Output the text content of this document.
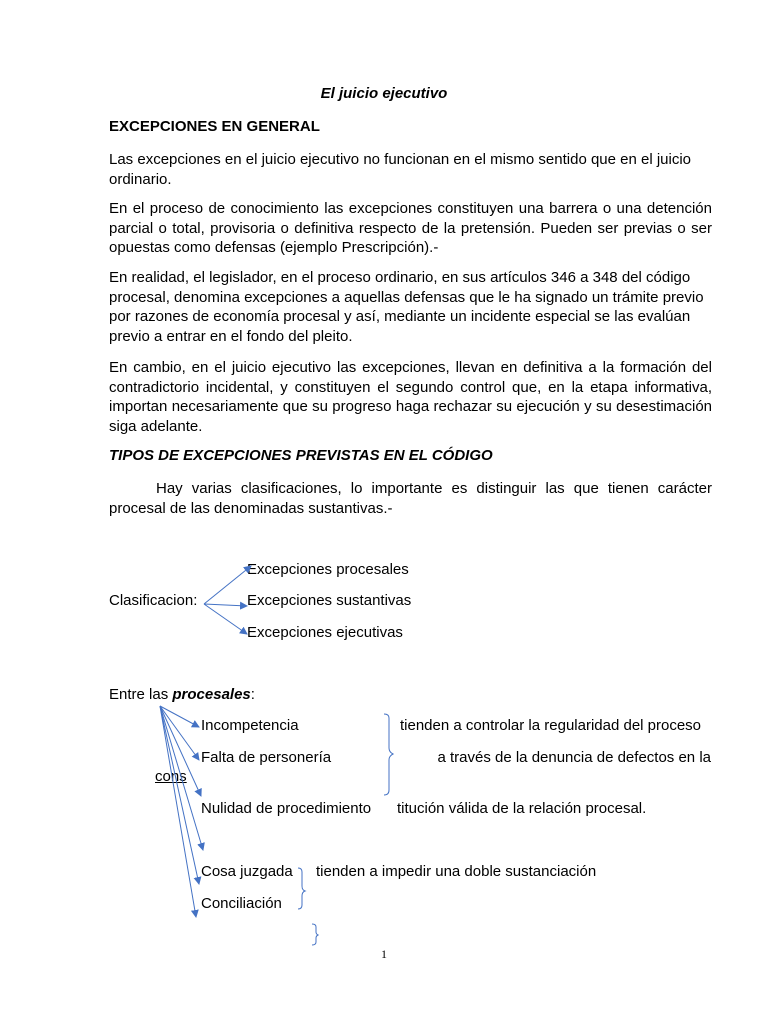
El juicio ejecutivo
EXCEPCIONES EN GENERAL
Las excepciones en el juicio ejecutivo no funcionan en el mismo sentido que en el juicio ordinario.
En el proceso de conocimiento las excepciones constituyen una barrera o una detención parcial o total, provisoria o definitiva respecto de la pretensión. Pueden ser previas o ser opuestas como defensas (ejemplo Prescripción).-
En realidad, el legislador, en el proceso ordinario, en sus artículos 346 a 348 del código procesal, denomina excepciones a aquellas defensas que le ha signado un trámite previo por razones de economía procesal y así, mediante un incidente especial se las evalúan previo a entrar en el fondo del pleito.
En cambio, en el juicio ejecutivo las excepciones, llevan en definitiva a la formación del contradictorio incidental, y constituyen el segundo control que, en la etapa informativa, importan necesariamente que su progreso haga rechazar su ejecución y su desestimación siga adelante.
TIPOS DE EXCEPCIONES PREVISTAS EN EL CÓDIGO
Hay varias clasificaciones, lo importante es distinguir las que tienen carácter procesal de las denominadas sustantivas.-
Clasificacion:
Excepciones procesales
Excepciones sustantivas
Excepciones ejecutivas
Entre las procesales:
Incompetencia
Falta de personería
Nulidad de procedimiento
Cosa juzgada
Conciliación
tienden a controlar la regularidad del proceso
a través de la denuncia de defectos en la
cons
titución válida de la relación procesal.
tienden a impedir una doble sustanciación
1
